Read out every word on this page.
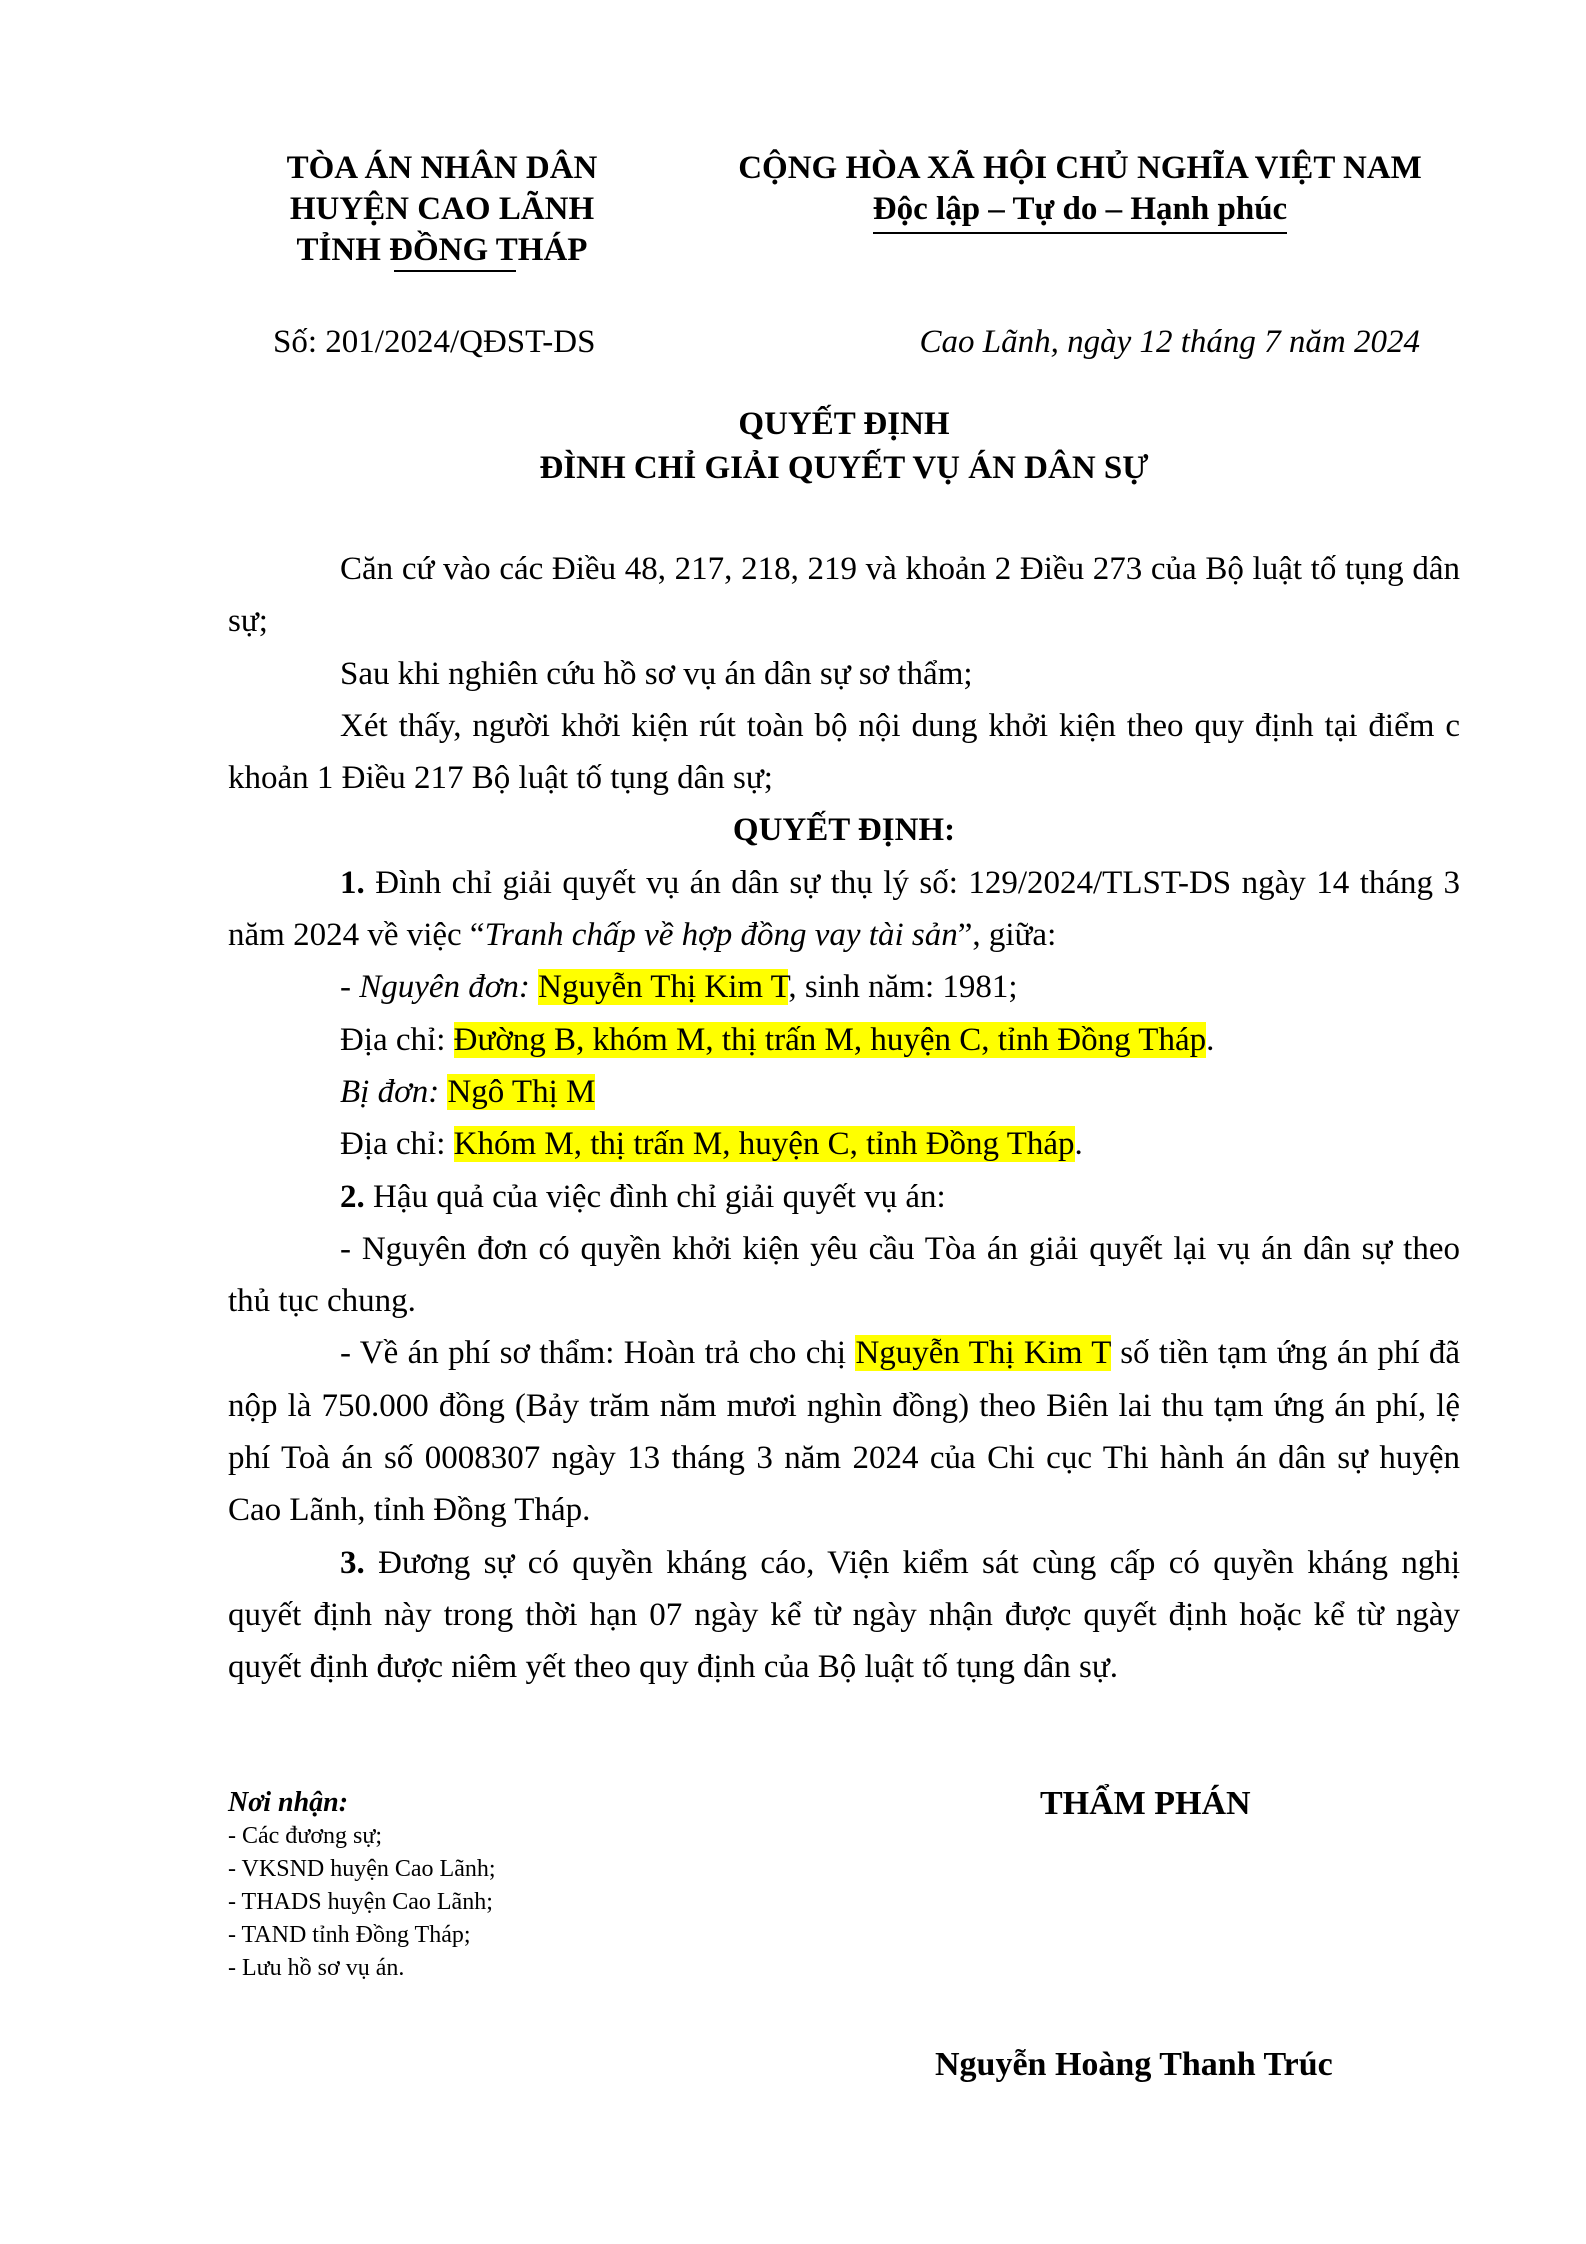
TÒA ÁN NHÂN DÂN
HUYỆN CAO LÃNH
TỈNH ĐỒNG THÁP
CỘNG HÒA XÃ HỘI CHỦ NGHĨA VIỆT NAM
Độc lập – Tự do – Hạnh phúc
Số: 201/2024/QĐST-DS	Cao Lãnh, ngày 12 tháng 7 năm 2024
QUYẾT ĐỊNH
ĐÌNH CHỈ GIẢI QUYẾT VỤ ÁN DÂN SỰ

Căn cứ vào các Điều 48, 217, 218, 219 và khoản 2 Điều 273 của Bộ luật tố tụng dân sự;

Sau khi nghiên cứu hồ sơ vụ án dân sự sơ thẩm;

Xét thấy, người khởi kiện rút toàn bộ nội dung khởi kiện theo quy định tại điểm c khoản 1 Điều 217 Bộ luật tố tụng dân sự;

QUYẾT ĐỊNH:

1. Đình chỉ giải quyết vụ án dân sự thụ lý số: 129/2024/TLST-DS ngày 14 tháng 3 năm 2024 về việc “Tranh chấp về hợp đồng vay tài sản”, giữa:

- Nguyên đơn: Nguyễn Thị Kim T, sinh năm: 1981;

Địa chỉ: Đường B, khóm M, thị trấn M, huyện C, tỉnh Đồng Tháp.

Bị đơn: Ngô Thị M

Địa chỉ: Khóm M, thị trấn M, huyện C, tỉnh Đồng Tháp.

2. Hậu quả của việc đình chỉ giải quyết vụ án:

- Nguyên đơn có quyền khởi kiện yêu cầu Tòa án giải quyết lại vụ án dân sự theo thủ tục chung.

- Về án phí sơ thẩm: Hoàn trả cho chị Nguyễn Thị Kim T số tiền tạm ứng án phí đã nộp là 750.000 đồng (Bảy trăm năm mươi nghìn đồng) theo Biên lai thu tạm ứng án phí, lệ phí Toà án số 0008307 ngày 13 tháng 3 năm 2024 của Chi cục Thi hành án dân sự huyện Cao Lãnh, tỉnh Đồng Tháp.

3. Đương sự có quyền kháng cáo, Viện kiểm sát cùng cấp có quyền kháng nghị quyết định này trong thời hạn 07 ngày kể từ ngày nhận được quyết định hoặc kể từ ngày quyết định được niêm yết theo quy định của Bộ luật tố tụng dân sự.

Nơi nhận:
- Các đương sự;
- VKSND huyện Cao Lãnh;
- THADS huyện Cao Lãnh;
- TAND tỉnh Đồng Tháp;
- Lưu hồ sơ vụ án.
THẨM PHÁN
Nguyễn Hoàng Thanh Trúc
